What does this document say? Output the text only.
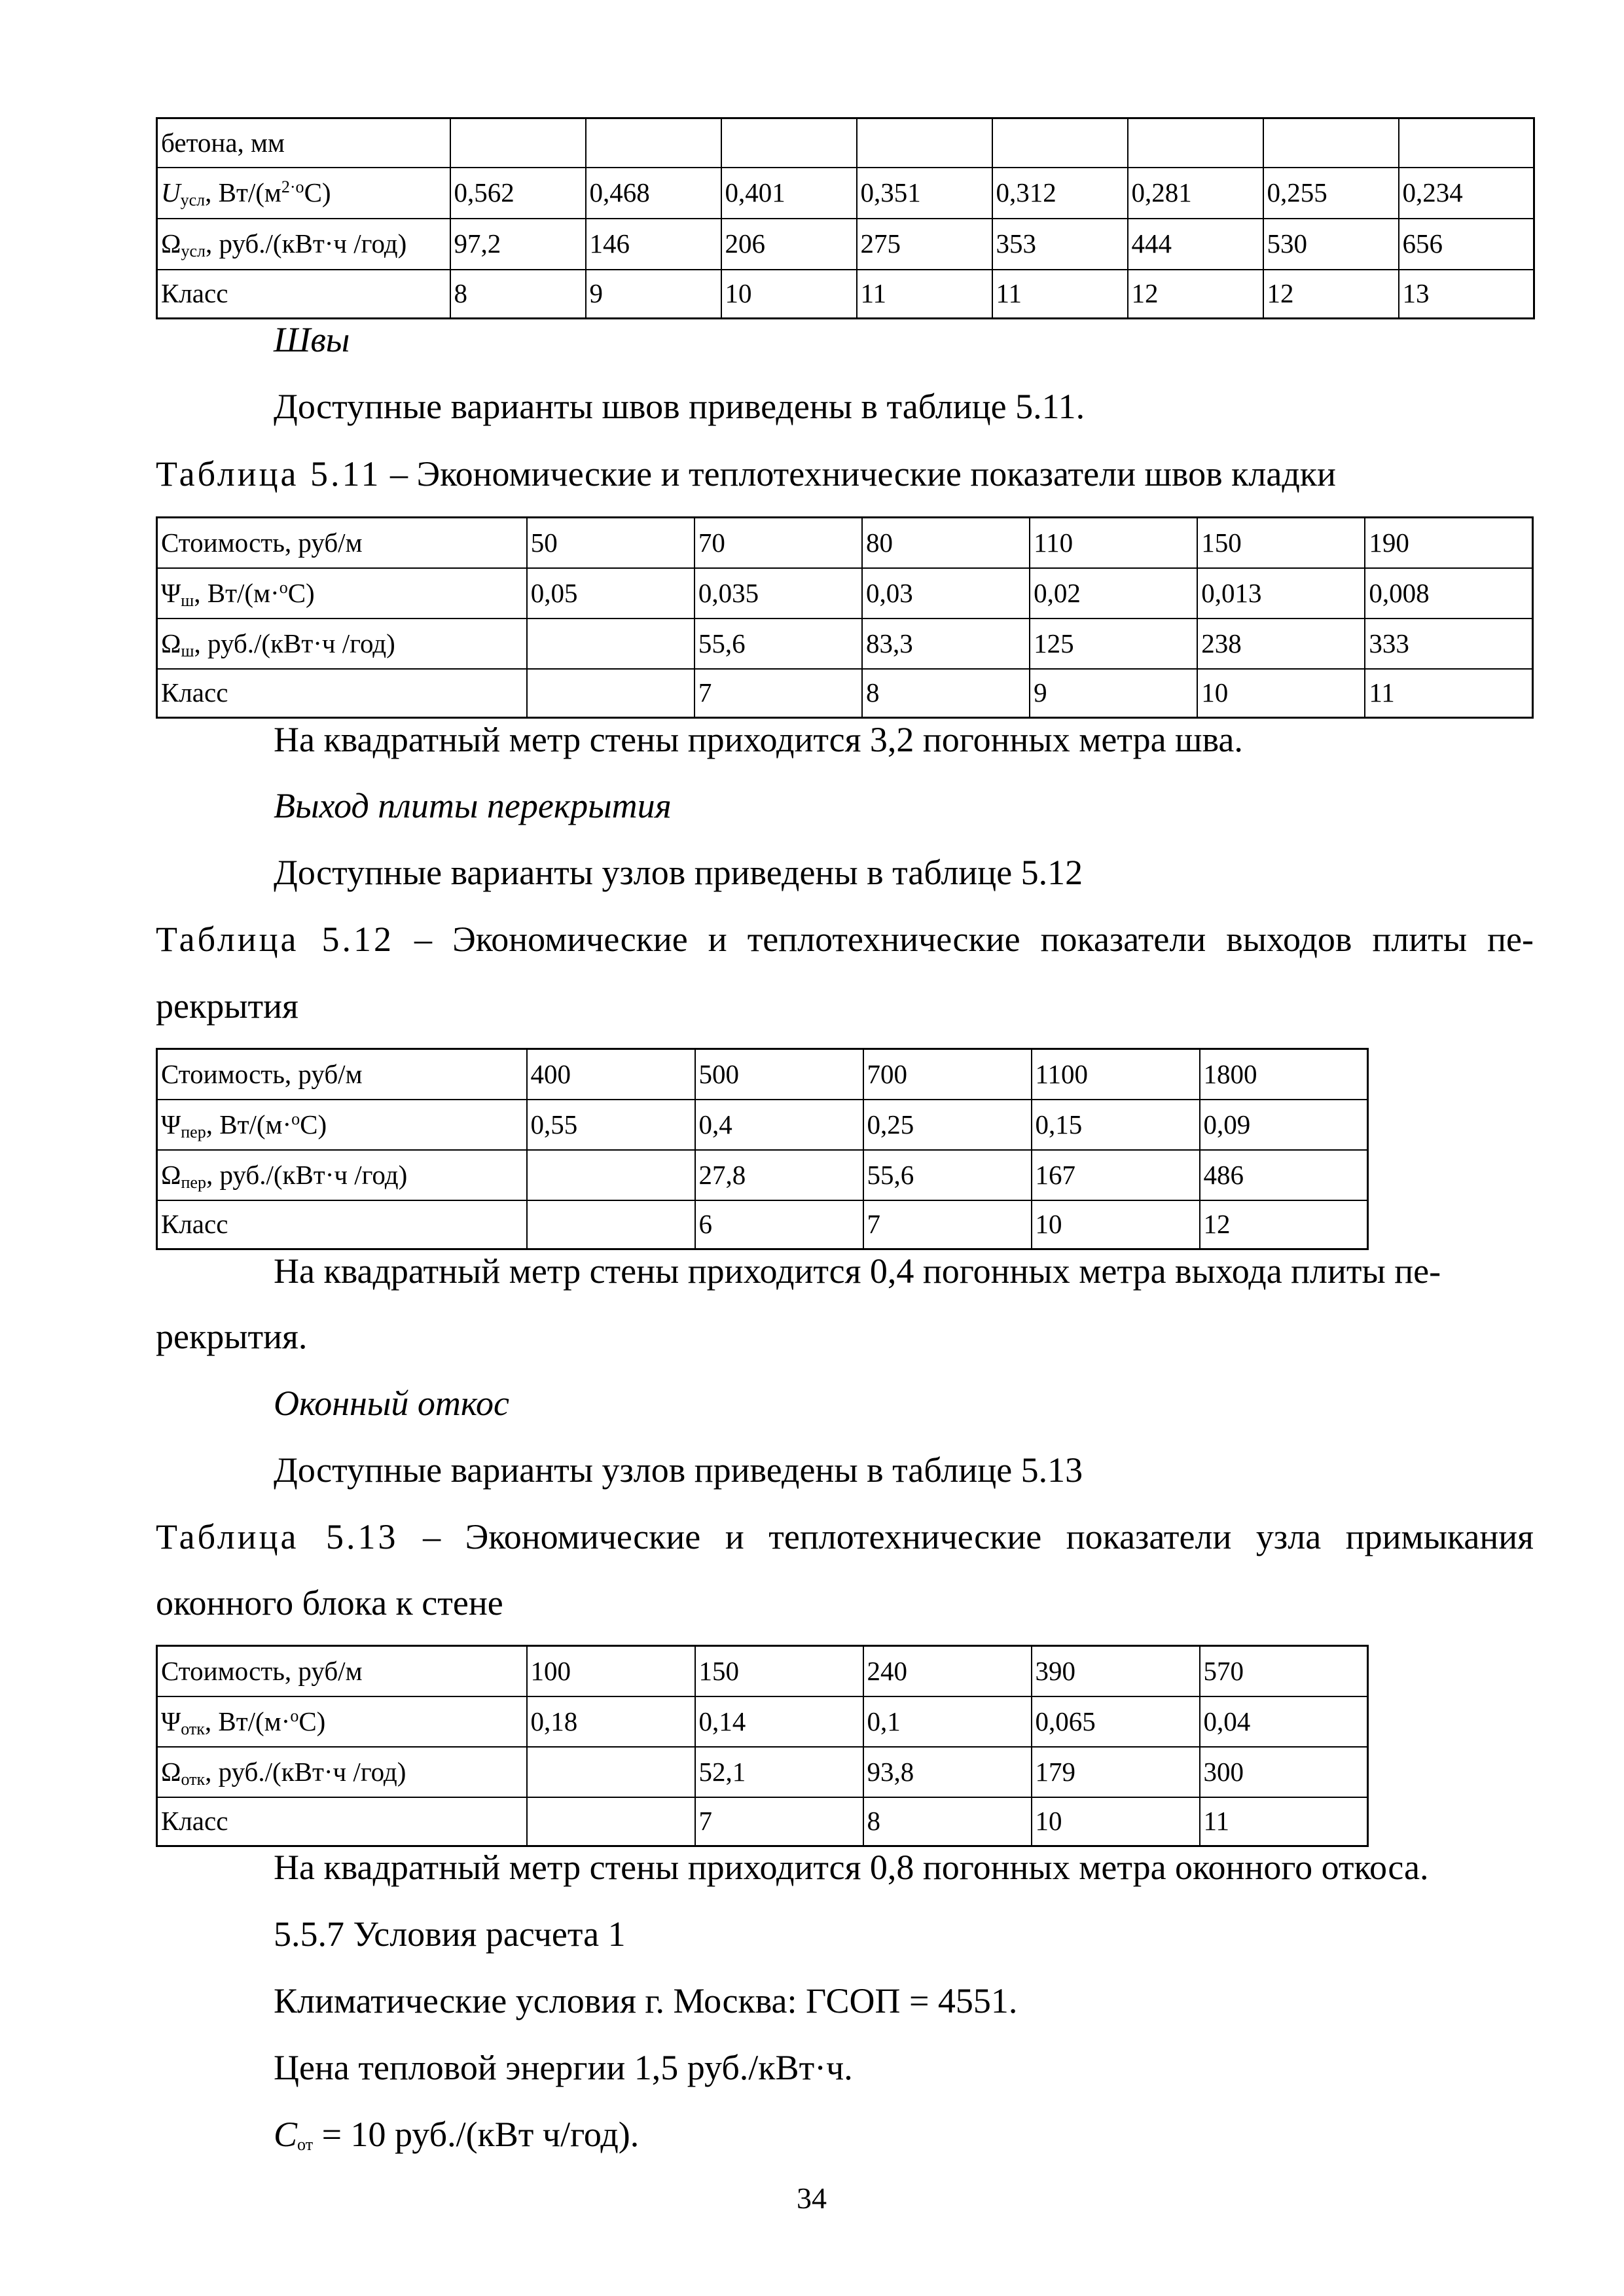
бетона, мм								
$U_{усл}$, $Вт/(м^{2\cdot о}С)$	0,562	0,468	0,401	0,351	0,312	0,281	0,255	0,234
$\Omega_{усл}$, руб./(кВт·ч /год)	97,2	146	206	275	353	444	530	656
Класс	8	9	10	11	11	12	12	13
Швы
Доступные варианты швов приведены в таблице 5.11.
Таблица 5.11 – Экономические и теплотехнические показатели швов кладки
Стоимость, руб/м	50	70	80	110	150	190
$\Psi_ш$, Вт/(м·$^о$С)	0,05	0,035	0,03	0,02	0,013	0,008
$\Omega_ш$, руб./(кВт·ч /год)		55,6	83,3	125	238	333
Класс		7	8	9	10	11
На квадратный метр стены приходится 3,2 погонных метра шва.
Выход плиты перекрытия
Доступные варианты узлов приведены в таблице 5.12
Таблица 5.12 – Экономические и теплотехнические показатели выходов плиты пе-
рекрытия
Стоимость, руб/м	400	500	700	1100	1800
$\Psi_{пер}$, Вт/(м·$^о$С)	0,55	0,4	0,25	0,15	0,09
$\Omega_{пер}$, руб./(кВт·ч /год)		27,8	55,6	167	486
Класс		6	7	10	12
На квадратный метр стены приходится 0,4 погонных метра выхода плиты пе-
рекрытия.
Оконный откос
Доступные варианты узлов приведены в таблице 5.13
Таблица 5.13 – Экономические и теплотехнические показатели узла примыкания
оконного блока к стене
Стоимость, руб/м	100	150	240	390	570
$\Psi_{отк}$, Вт/(м·$^о$С)	0,18	0,14	0,1	0,065	0,04
$\Omega_{отк}$, руб./(кВт·ч /год)		52,1	93,8	179	300
Класс		7	8	10	11
На квадратный метр стены приходится 0,8 погонных метра оконного откоса.
5.5.7 Условия расчета 1
Климатические условия г. Москва: ГСОП = 4551.
Цена тепловой энергии 1,5 руб./кВт·ч.
$C_{от} = 10$ руб./(кВт ч/год).
34
